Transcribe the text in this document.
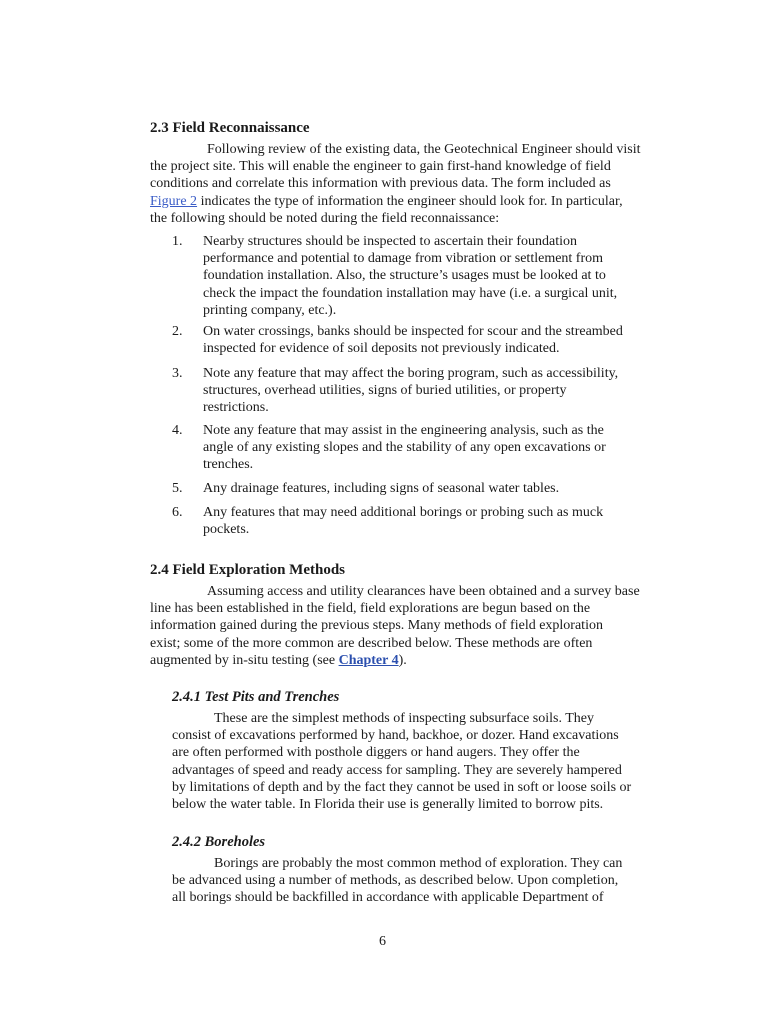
2.3 Field Reconnaissance
Following review of the existing data, the Geotechnical Engineer should visit
the project site. This will enable the engineer to gain first-hand knowledge of field
conditions and correlate this information with previous data. The form included as
Figure 2 indicates the type of information the engineer should look for. In particular,
the following should be noted during the field reconnaissance:
1. Nearby structures should be inspected to ascertain their foundation
performance and potential to damage from vibration or settlement from
foundation installation. Also, the structure’s usages must be looked at to
check the impact the foundation installation may have (i.e. a surgical unit,
printing company, etc.).
2. On water crossings, banks should be inspected for scour and the streambed
inspected for evidence of soil deposits not previously indicated.
3. Note any feature that may affect the boring program, such as accessibility,
structures, overhead utilities, signs of buried utilities, or property
restrictions.
4. Note any feature that may assist in the engineering analysis, such as the
angle of any existing slopes and the stability of any open excavations or
trenches.
5. Any drainage features, including signs of seasonal water tables.
6. Any features that may need additional borings or probing such as muck
pockets.
2.4 Field Exploration Methods
Assuming access and utility clearances have been obtained and a survey base
line has been established in the field, field explorations are begun based on the
information gained during the previous steps. Many methods of field exploration
exist; some of the more common are described below. These methods are often
augmented by in-situ testing (see Chapter 4).
2.4.1 Test Pits and Trenches
These are the simplest methods of inspecting subsurface soils. They
consist of excavations performed by hand, backhoe, or dozer. Hand excavations
are often performed with posthole diggers or hand augers. They offer the
advantages of speed and ready access for sampling. They are severely hampered
by limitations of depth and by the fact they cannot be used in soft or loose soils or
below the water table. In Florida their use is generally limited to borrow pits.
2.4.2 Boreholes
Borings are probably the most common method of exploration. They can
be advanced using a number of methods, as described below. Upon completion,
all borings should be backfilled in accordance with applicable Department of
6
